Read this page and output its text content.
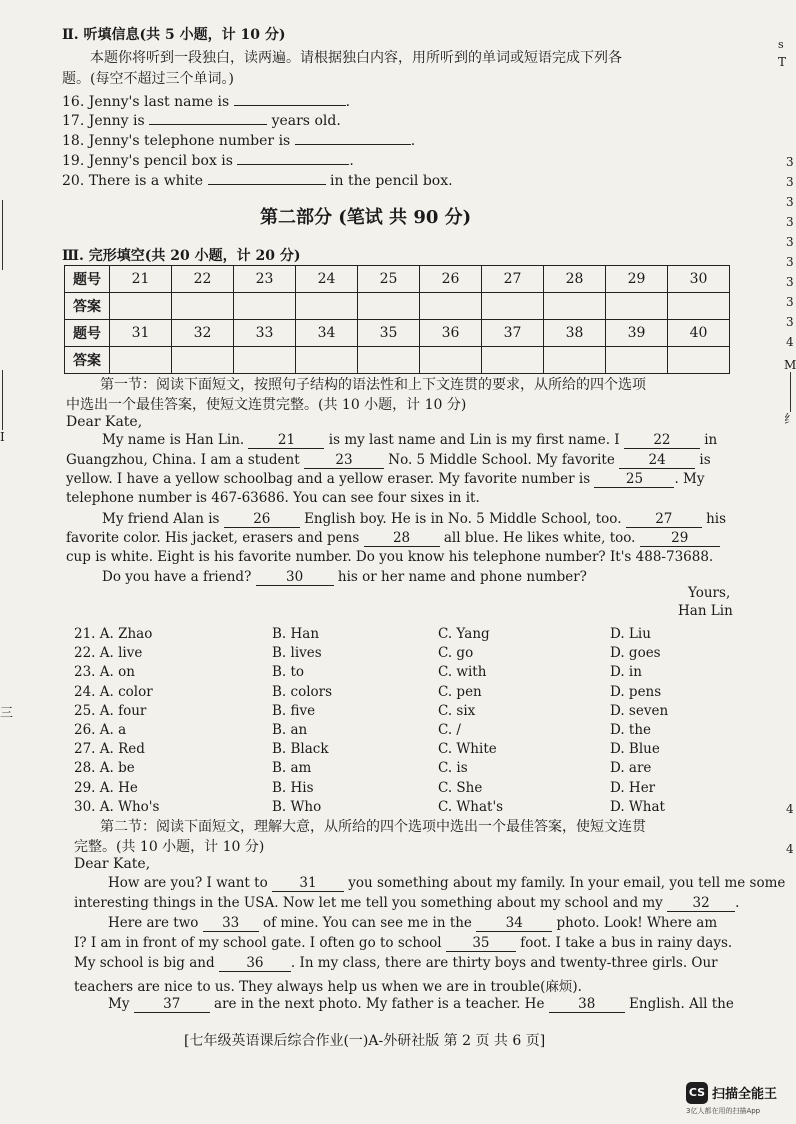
Ⅱ. 听填信息(共 5 小题，计 10 分)
本题你将听到一段独白，读两遍。请根据独白内容，用所听到的单词或短语完成下列各
题。(每空不超过三个单词。)
16. Jenny's last name is	.
17. Jenny is	years old.
18. Jenny's telephone number is	.
19. Jenny's pencil box is	.
20. There is a white	in the pencil box.
第二部分 (笔试 共 90 分)
Ⅲ. 完形填空(共 20 小题，计 20 分)
题号	21	22	23	24	25	26	27	28	29	30
答案										
题号	31	32	33	34	35	36	37	38	39	40
答案										
第一节：阅读下面短文，按照句子结构的语法性和上下文连贯的要求，从所给的四个选项
中选出一个最佳答案，使短文连贯完整。(共 10 小题，计 10 分)
Dear Kate,
My name is Han Lin. 21 is my last name and Lin is my first name. I 22 in
Guangzhou, China. I am a student	23	No. 5 Middle School. My favorite 24 is
yellow. I have a yellow schoolbag and a yellow eraser. My favorite number is	25 . My
telephone number is 467-63686. You can see four sixes in it.
My friend Alan is 26 English boy. He is in No. 5 Middle School, too. 27 his
favorite color. His jacket, erasers and pens 28 all blue. He likes white, too.	29
cup is white. Eight is his favorite number. Do you know his telephone number? It's 488-73688.
Do you have a friend?	30	his or her name and phone number?
Yours,
Han Lin
21. A. Zhao	B. Han	C. Yang	D. Liu
22. A. live	B. lives	C. go	D. goes
23. A. on	B. to	C. with	D. in
24. A. color	B. colors	C. pen	D. pens
25. A. four	B. five	C. six	D. seven
26. A. a	B. an	C. /	D. the
27. A. Red	B. Black	C. White	D. Blue
28. A. be	B. am	C. is	D. are
29. A. He	B. His	C. She	D. Her
30. A. Who's	B. Who	C. What's	D. What
第二节：阅读下面短文，理解大意，从所给的四个选项中选出一个最佳答案，使短文连贯
完整。(共 10 小题，计 10 分)
Dear Kate,
How are you? I want to 31 you something about my family. In your email, you tell me some
interesting things in the USA. Now let me tell you something about my school and my 32 .
Here are two 33 of mine. You can see me in the 34 photo. Look! Where am
I? I am in front of my school gate. I often go to school 35 foot. I take a bus in rainy days.
My school is big and 36 . In my class, there are thirty boys and twenty-three girls. Our
teachers are nice to us. They always help us when we are in trouble(麻烦).
My 37 are in the next photo. My father is a teacher. He 38 English. All the
[七年级英语课后综合作业(一)A-外研社版 第 2 页 共 6 页]
CS 扫描全能王
3亿人都在用的扫描App
I
三
s
T
3
3
3
3
3
3
3
3
3
4
M
纟
4
4
